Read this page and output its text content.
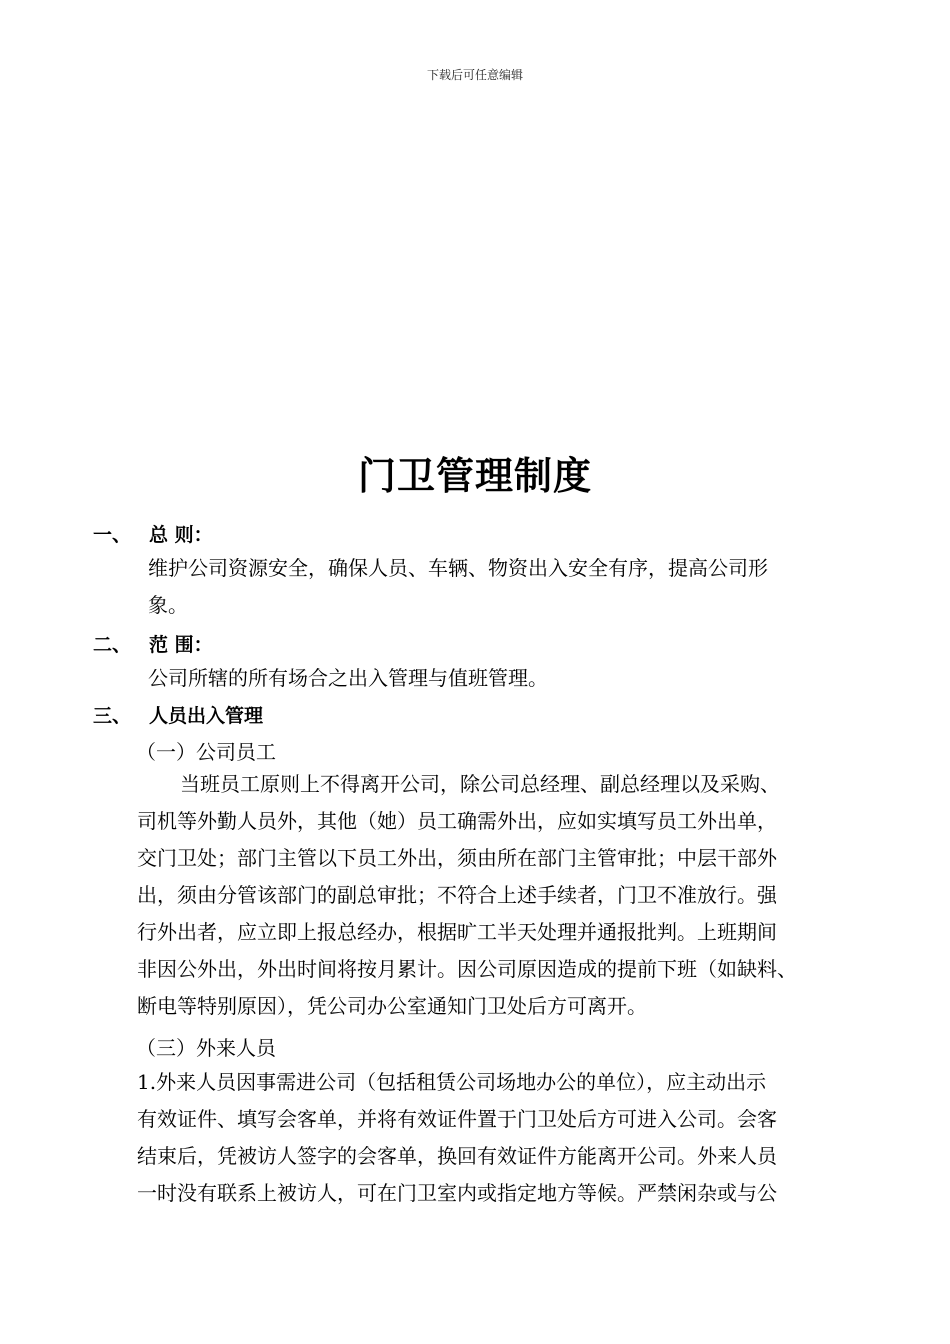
下载后可任意编辑
门卫管理制度
一、 总 则：
维护公司资源安全，确保人员、车辆、物资出入安全有序，提高公司形
象。
二、 范 围：
公司所辖的所有场合之出入管理与值班管理。
三、 人员出入管理
（一）公司员工
当班员工原则上不得离开公司，除公司总经理、副总经理以及采购、
司机等外勤人员外，其他（她）员工确需外出，应如实填写员工外出单，
交门卫处；部门主管以下员工外出，须由所在部门主管审批；中层干部外
出，须由分管该部门的副总审批；不符合上述手续者，门卫不准放行。强
行外出者，应立即上报总经办，根据旷工半天处理并通报批判。上班期间
非因公外出，外出时间将按月累计。因公司原因造成的提前下班（如缺料、
断电等特别原因），凭公司办公室通知门卫处后方可离开。
（三）外来人员
1.外来人员因事需进公司（包括租赁公司场地办公的单位），应主动出示
有效证件、填写会客单，并将有效证件置于门卫处后方可进入公司。会客
结束后，凭被访人签字的会客单，换回有效证件方能离开公司。外来人员
一时没有联系上被访人，可在门卫室内或指定地方等候。严禁闲杂或与公
